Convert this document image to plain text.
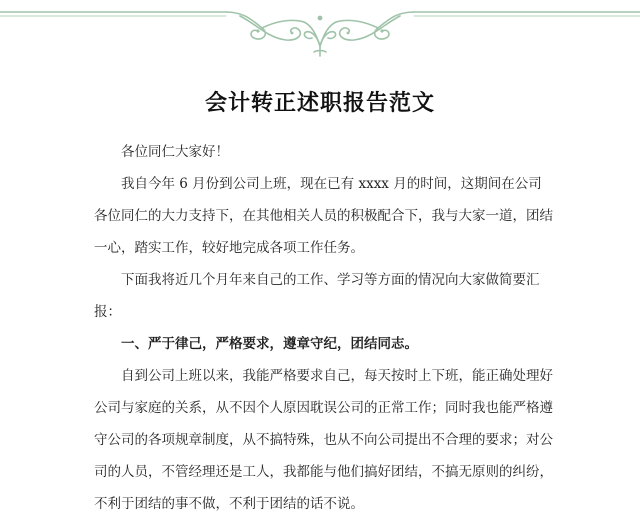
会计转正述职报告范文

各位同仁大家好！

我自今年 6 月份到公司上班，现在已有 xxxx 月的时间，这期间在公司各位同仁的大力支持下，在其他相关人员的积极配合下，我与大家一道，团结一心，踏实工作，较好地完成各项工作任务。

下面我将近几个月年来自己的工作、学习等方面的情况向大家做简要汇报：

一、严于律己，严格要求，遵章守纪，团结同志。

自到公司上班以来，我能严格要求自己，每天按时上下班，能正确处理好公司与家庭的关系，从不因个人原因耽误公司的正常工作；同时我也能严格遵守公司的各项规章制度，从不搞特殊，也从不向公司提出不合理的要求；对公司的人员，不管经理还是工人，我都能与他们搞好团结，不搞无原则的纠纷，不利于团结的事不做，不利于团结的话不说。
